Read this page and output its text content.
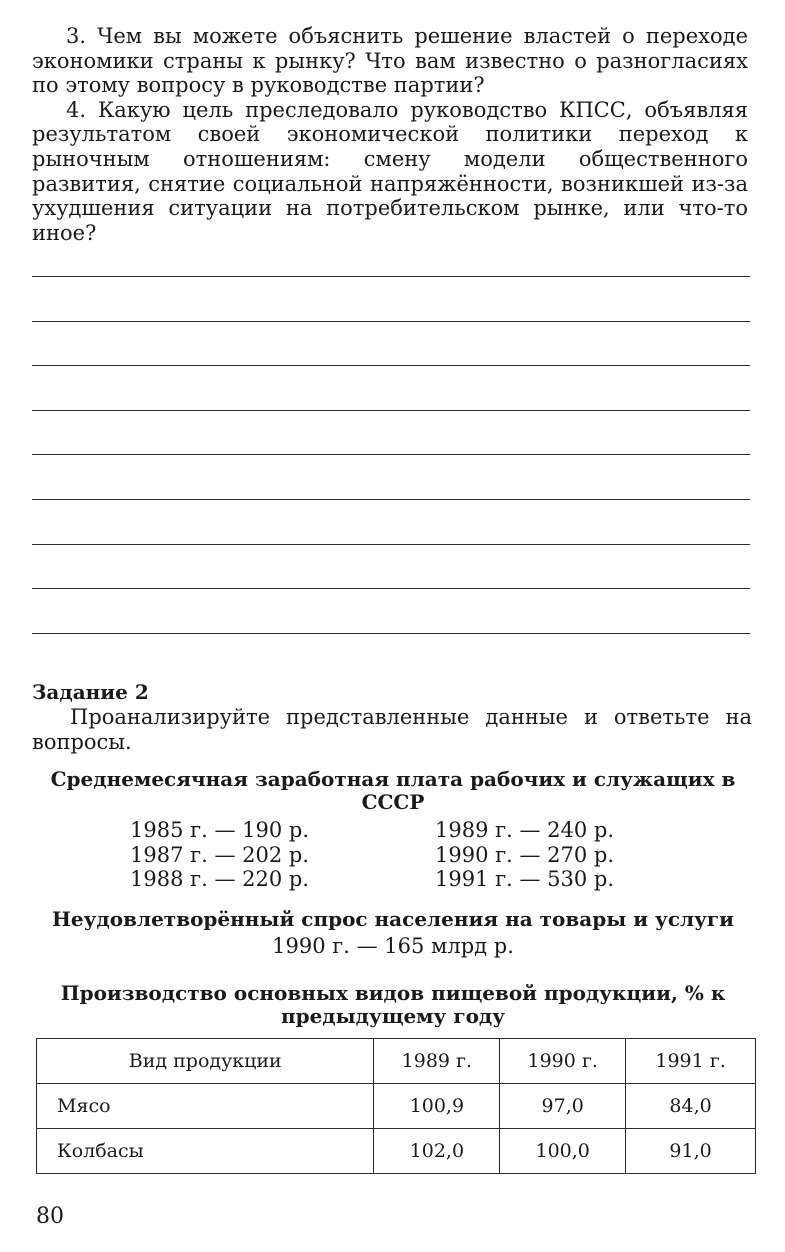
3. Чем вы можете объяснить решение властей о переходе экономики страны к рынку? Что вам известно о разногласиях по этому вопросу в руководстве партии?

4. Какую цель преследовало руководство КПСС, объявляя результатом своей экономической политики переход к рыночным отношениям: смену модели общественного развития, снятие социальной напряжённости, возникшей из-за ухудшения ситуации на потребительском рынке, или что-то иное?

Задание 2

Проанализируйте представленные данные и ответьте на вопросы.

Среднемесячная заработная плата рабочих и служащих в СССР
1985 г. — 190 р.
1987 г. — 202 р.
1988 г. — 220 р.
1989 г. — 240 р.
1990 г. — 270 р.
1991 г. — 530 р.
Неудовлетворённый спрос населения на товары и услуги
1990 г. — 165 млрд р.
Производство основных видов пищевой продукции, % к предыдущему году
Вид продукции	1989 г.	1990 г.	1991 г.
Мясо	100,9	97,0	84,0
Колбасы	102,0	100,0	91,0
80
